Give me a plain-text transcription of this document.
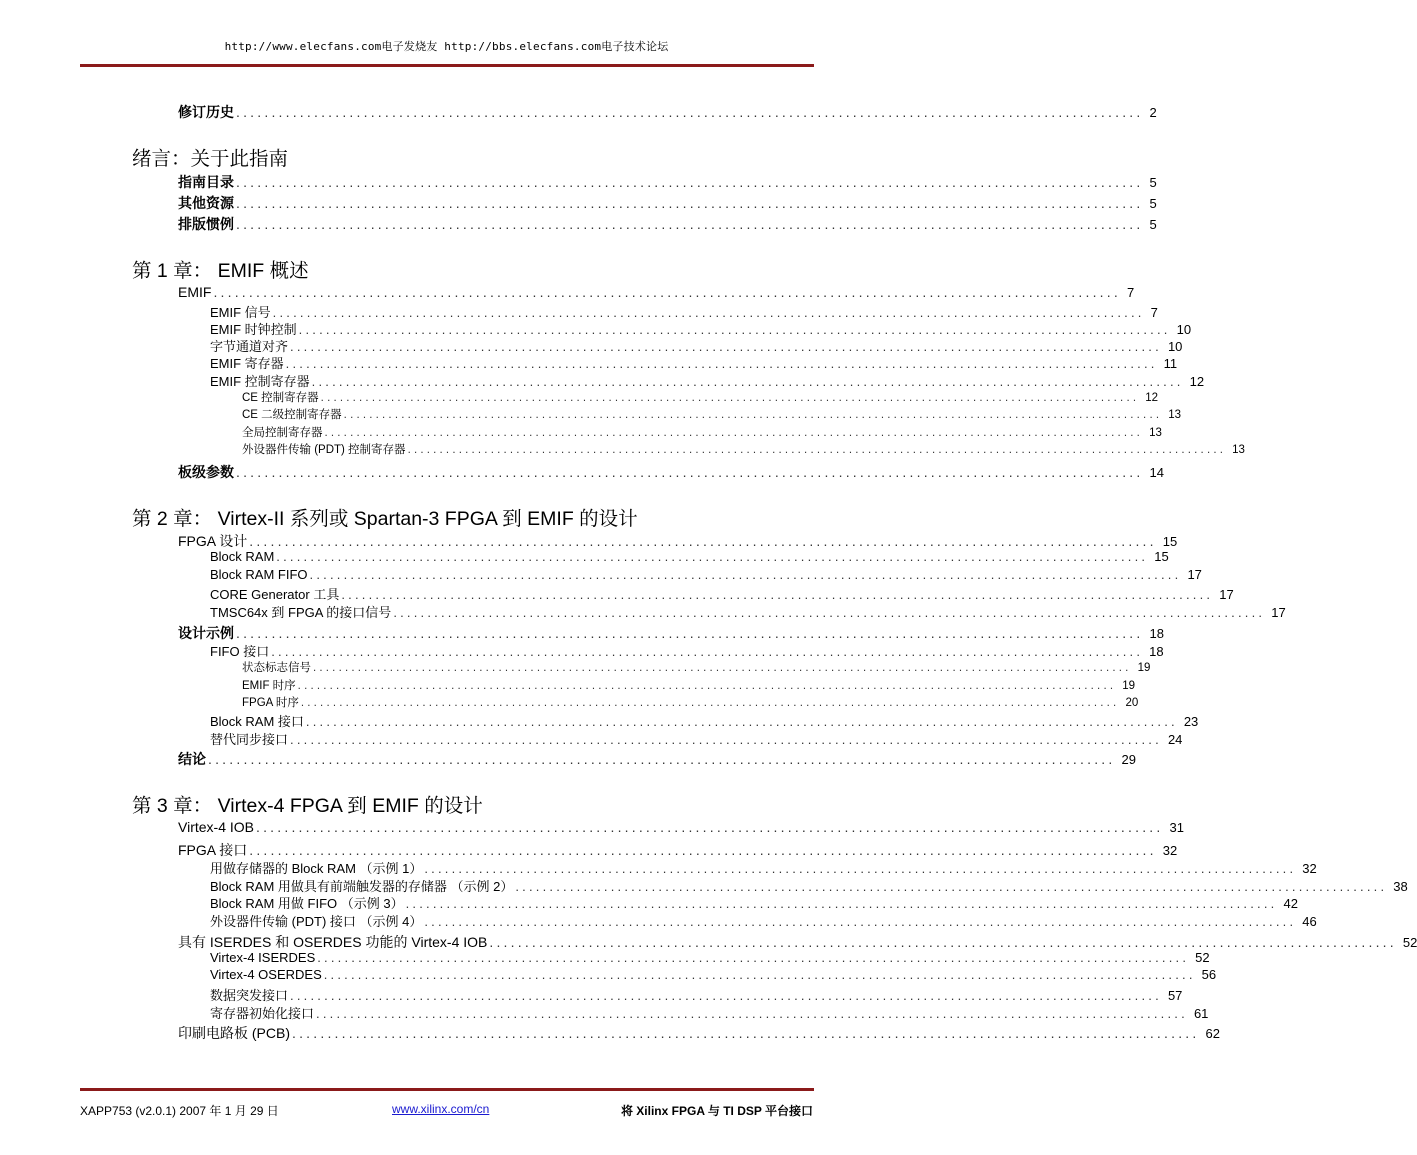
http://www.elecfans.com电子发烧友 http://bbs.elecfans.com电子技术论坛
修订历史 ................................................................................................................................ 2
绪言：关于此指南
指南目录 ................................................................................................................................ 5
其他资源 ................................................................................................................................ 5
排版惯例 ................................................................................................................................ 5
第 1 章： EMIF 概述
EMIF ................................................................................................................................ 7
EMIF 信号 ................................................................................................................................ 7
EMIF 时钟控制 ................................................................................................................................ 10
字节通道对齐 ................................................................................................................................ 10
EMIF 寄存器 ................................................................................................................................ 11
EMIF 控制寄存器 ................................................................................................................................ 12
CE 控制寄存器 ................................................................................................................................ 12
CE 二级控制寄存器 ................................................................................................................................ 13
全局控制寄存器 ................................................................................................................................ 13
外设器件传输 (PDT) 控制寄存器 ................................................................................................................................ 13
板级参数 ................................................................................................................................ 14
第 2 章： Virtex-II 系列或 Spartan-3 FPGA 到 EMIF 的设计
FPGA 设计 ................................................................................................................................ 15
Block RAM ................................................................................................................................ 15
Block RAM FIFO ................................................................................................................................ 17
CORE Generator 工具 ................................................................................................................................ 17
TMSC64x 到 FPGA 的接口信号 ................................................................................................................................ 17
设计示例 ................................................................................................................................ 18
FIFO 接口 ................................................................................................................................ 18
状态标志信号 ................................................................................................................................ 19
EMIF 时序 ................................................................................................................................ 19
FPGA 时序 ................................................................................................................................ 20
Block RAM 接口 ................................................................................................................................ 23
替代同步接口 ................................................................................................................................ 24
结论 ................................................................................................................................ 29
第 3 章： Virtex-4 FPGA 到 EMIF 的设计
Virtex-4 IOB ................................................................................................................................ 31
FPGA 接口 ................................................................................................................................ 32
用做存储器的 Block RAM （示例 1） ................................................................................................................................ 32
Block RAM 用做具有前端触发器的存储器 （示例 2） ................................................................................................................................ 38
Block RAM 用做 FIFO （示例 3） ................................................................................................................................ 42
外设器件传输 (PDT) 接口 （示例 4） ................................................................................................................................ 46
具有 ISERDES 和 OSERDES 功能的 Virtex-4 IOB ................................................................................................................................ 52
Virtex-4 ISERDES ................................................................................................................................ 52
Virtex-4 OSERDES ................................................................................................................................ 56
数据突发接口 ................................................................................................................................ 57
寄存器初始化接口 ................................................................................................................................ 61
印刷电路板 (PCB) ................................................................................................................................ 62
XAPP753 (v2.0.1) 2007 年 1 月 29 日	www.xilinx.com/cn	将 Xilinx FPGA 与 TI DSP 平台接口
